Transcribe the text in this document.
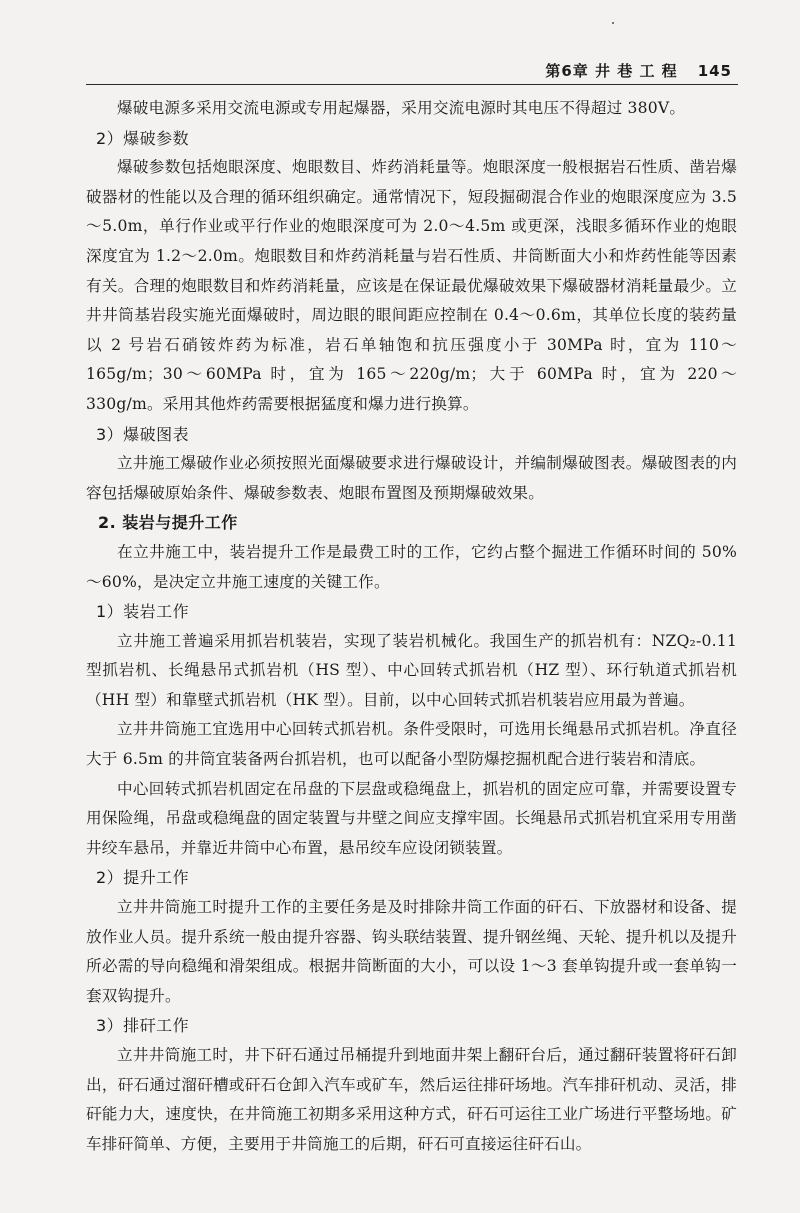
第6章 井 巷 工 程 145

爆破电源多采用交流电源或专用起爆器，采用交流电源时其电压不得超过 380V。

2）爆破参数

爆破参数包括炮眼深度、炮眼数目、炸药消耗量等。炮眼深度一般根据岩石性质、凿岩爆破器材的性能以及合理的循环组织确定。通常情况下，短段掘砌混合作业的炮眼深度应为 3.5～5.0m，单行作业或平行作业的炮眼深度可为 2.0～4.5m 或更深，浅眼多循环作业的炮眼深度宜为 1.2～2.0m。炮眼数目和炸药消耗量与岩石性质、井筒断面大小和炸药性能等因素有关。合理的炮眼数目和炸药消耗量，应该是在保证最优爆破效果下爆破器材消耗量最少。立井井筒基岩段实施光面爆破时，周边眼的眼间距应控制在 0.4～0.6m，其单位长度的装药量以 2 号岩石硝铵炸药为标准，岩石单轴饱和抗压强度小于 30MPa 时，宜为 110～165g/m；30～60MPa 时，宜为 165～220g/m；大于 60MPa 时，宜为 220～330g/m。采用其他炸药需要根据猛度和爆力进行换算。

3）爆破图表

立井施工爆破作业必须按照光面爆破要求进行爆破设计，并编制爆破图表。爆破图表的内容包括爆破原始条件、爆破参数表、炮眼布置图及预期爆破效果。

2. 装岩与提升工作

在立井施工中，装岩提升工作是最费工时的工作，它约占整个掘进工作循环时间的 50%～60%，是决定立井施工速度的关键工作。

1）装岩工作

立井施工普遍采用抓岩机装岩，实现了装岩机械化。我国生产的抓岩机有：NZQ₂-0.11 型抓岩机、长绳悬吊式抓岩机（HS 型）、中心回转式抓岩机（HZ 型）、环行轨道式抓岩机（HH 型）和靠壁式抓岩机（HK 型）。目前，以中心回转式抓岩机装岩应用最为普遍。

立井井筒施工宜选用中心回转式抓岩机。条件受限时，可选用长绳悬吊式抓岩机。净直径大于 6.5m 的井筒宜装备两台抓岩机，也可以配备小型防爆挖掘机配合进行装岩和清底。

中心回转式抓岩机固定在吊盘的下层盘或稳绳盘上，抓岩机的固定应可靠，并需要设置专用保险绳，吊盘或稳绳盘的固定装置与井壁之间应支撑牢固。长绳悬吊式抓岩机宜采用专用凿井绞车悬吊，并靠近井筒中心布置，悬吊绞车应设闭锁装置。

2）提升工作

立井井筒施工时提升工作的主要任务是及时排除井筒工作面的矸石、下放器材和设备、提放作业人员。提升系统一般由提升容器、钩头联结装置、提升钢丝绳、天轮、提升机以及提升所必需的导向稳绳和滑架组成。根据井筒断面的大小，可以设 1～3 套单钩提升或一套单钩一套双钩提升。

3）排矸工作

立井井筒施工时，井下矸石通过吊桶提升到地面井架上翻矸台后，通过翻矸装置将矸石卸出，矸石通过溜矸槽或矸石仓卸入汽车或矿车，然后运往排矸场地。汽车排矸机动、灵活，排矸能力大，速度快，在井筒施工初期多采用这种方式，矸石可运往工业广场进行平整场地。矿车排矸简单、方便，主要用于井筒施工的后期，矸石可直接运往矸石山。
